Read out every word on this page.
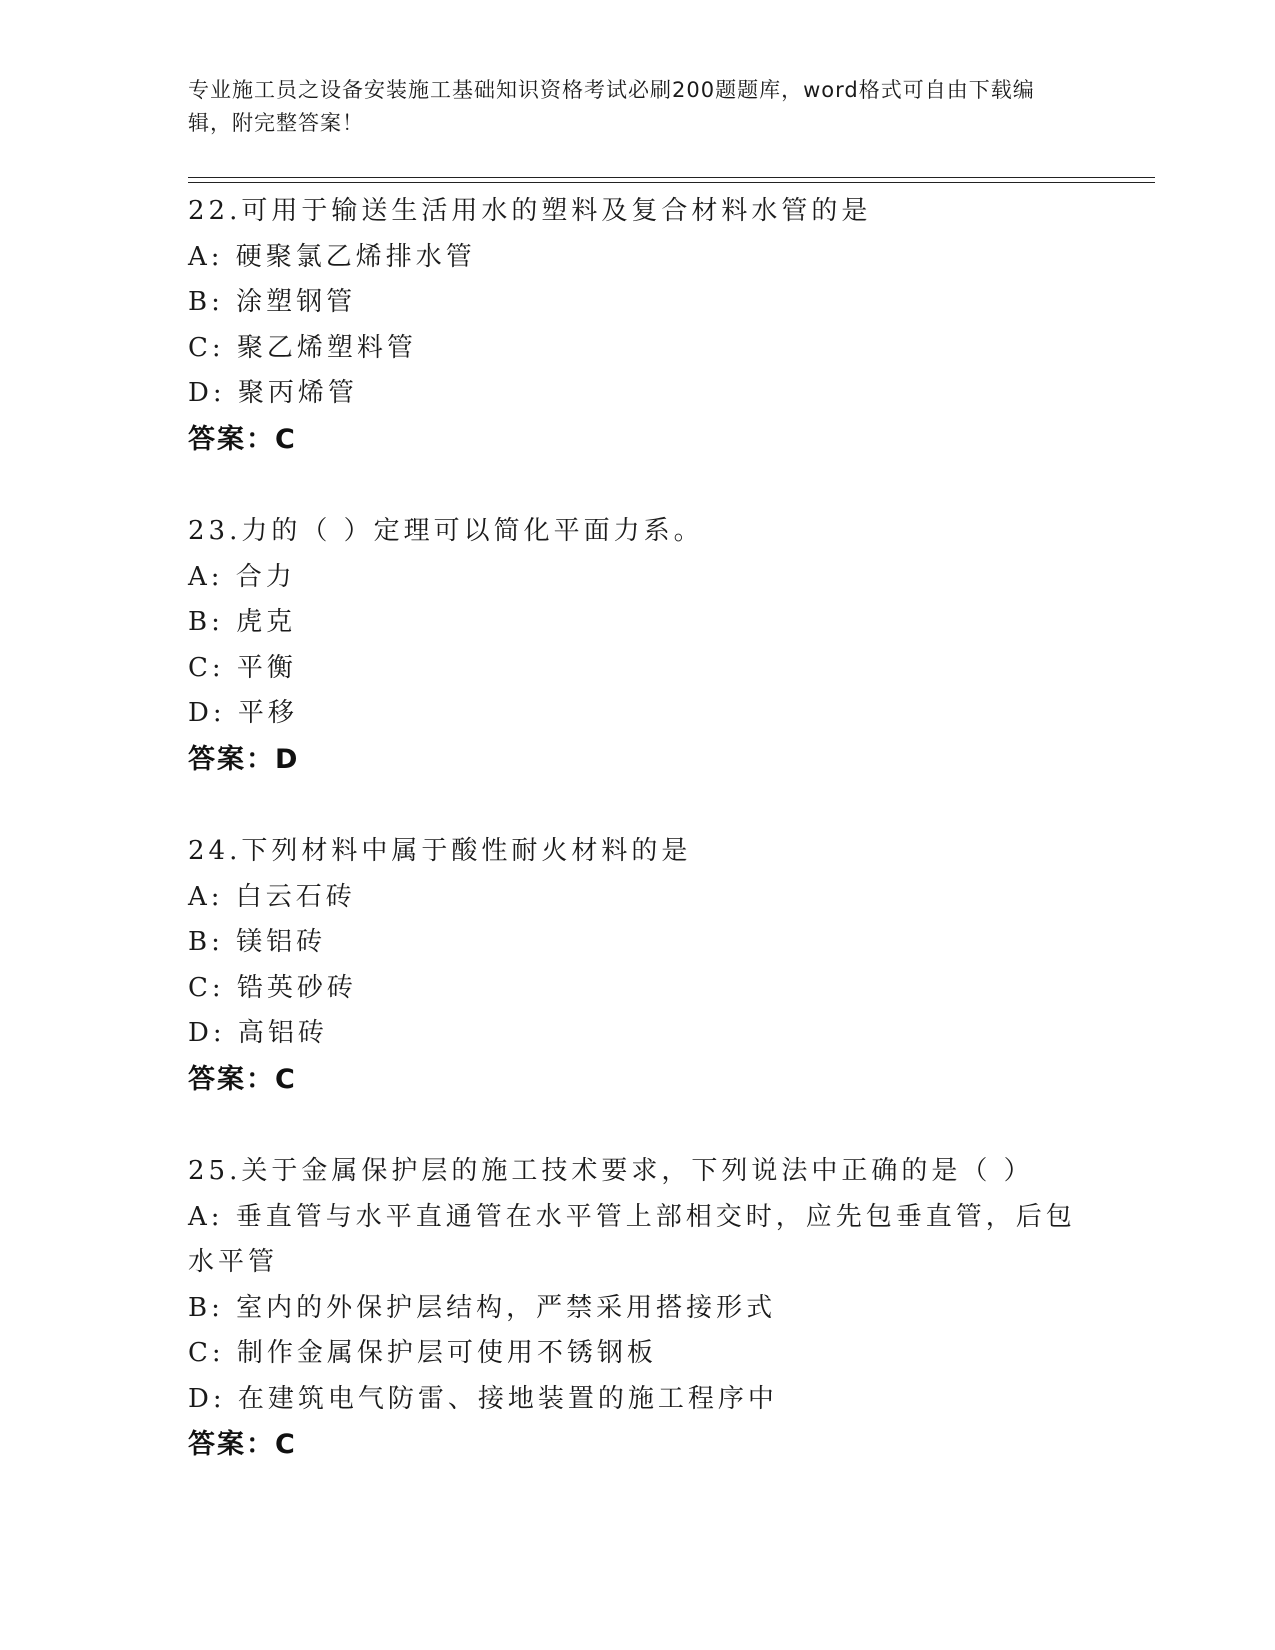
专业施工员之设备安装施工基础知识资格考试必刷200题题库，word格式可自由下载编辑，附完整答案！
22.可用于输送生活用水的塑料及复合材料水管的是
A: 硬聚氯乙烯排水管
B: 涂塑钢管
C: 聚乙烯塑料管
D: 聚丙烯管
答案：C
23.力的（ ）定理可以简化平面力系。
A: 合力
B: 虎克
C: 平衡
D: 平移
答案：D
24.下列材料中属于酸性耐火材料的是
A: 白云石砖
B: 镁铝砖
C: 锆英砂砖
D: 高铝砖
答案：C
25.关于金属保护层的施工技术要求，下列说法中正确的是（ ）
A: 垂直管与水平直通管在水平管上部相交时，应先包垂直管，后包水平管
B: 室内的外保护层结构，严禁采用搭接形式
C: 制作金属保护层可使用不锈钢板
D: 在建筑电气防雷、接地装置的施工程序中
答案：C
